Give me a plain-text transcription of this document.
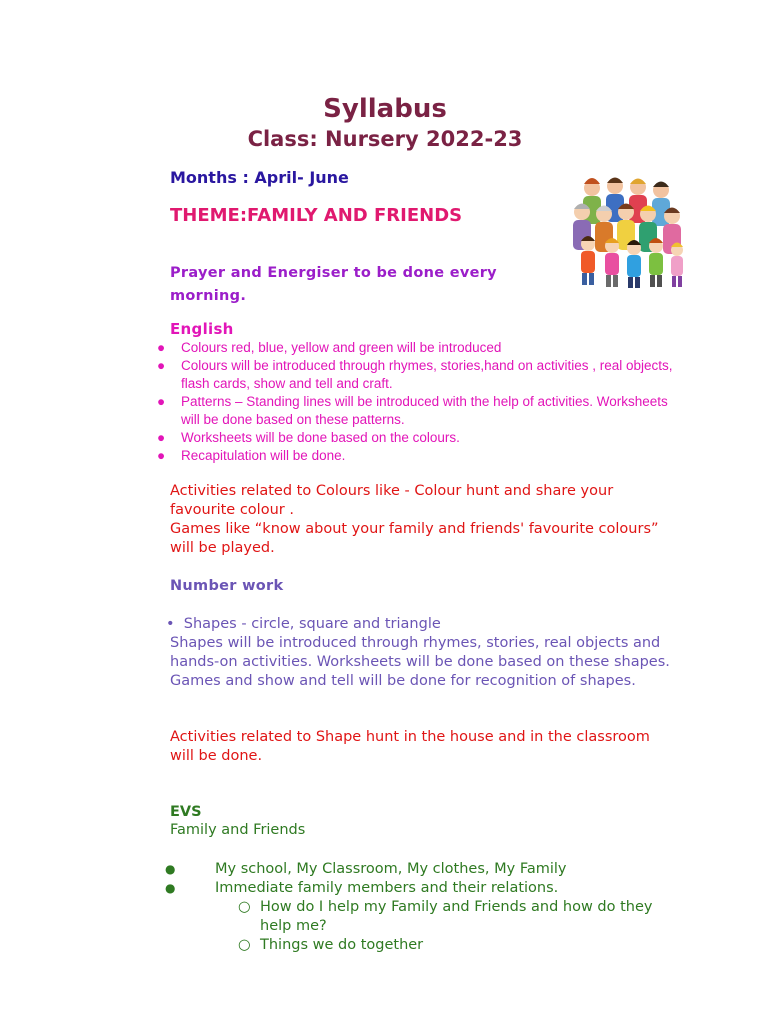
Syllabus
Class: Nursery 2022-23
Months : April- June
THEME:FAMILY AND FRIENDS
Prayer and Energiser to be done every morning.
English
● Colours red, blue, yellow and green will be introduced
● Colours will be introduced through rhymes, stories,hand on activities , real objects, flash cards, show and tell and craft.
● Patterns – Standing lines will be introduced with the help of activities. Worksheets will be done based on these patterns.
● Worksheets will be done based on the colours.
● Recapitulation will be done.
Activities related to Colours like - Colour hunt and share your favourite colour .
Games like “know about your family and friends' favourite colours” will be played.
Number work
• Shapes - circle, square and triangle
Shapes will be introduced through rhymes, stories, real objects and hands-on activities. Worksheets will be done based on these shapes.
Games and show and tell will be done for recognition of shapes.
Activities related to Shape hunt in the house and in the classroom will be done.
EVS
Family and Friends
●	My school, My Classroom, My clothes, My Family
●	Immediate family members and their relations.
○ How do I help my Family and Friends and how do they help me?
○ Things we do together
